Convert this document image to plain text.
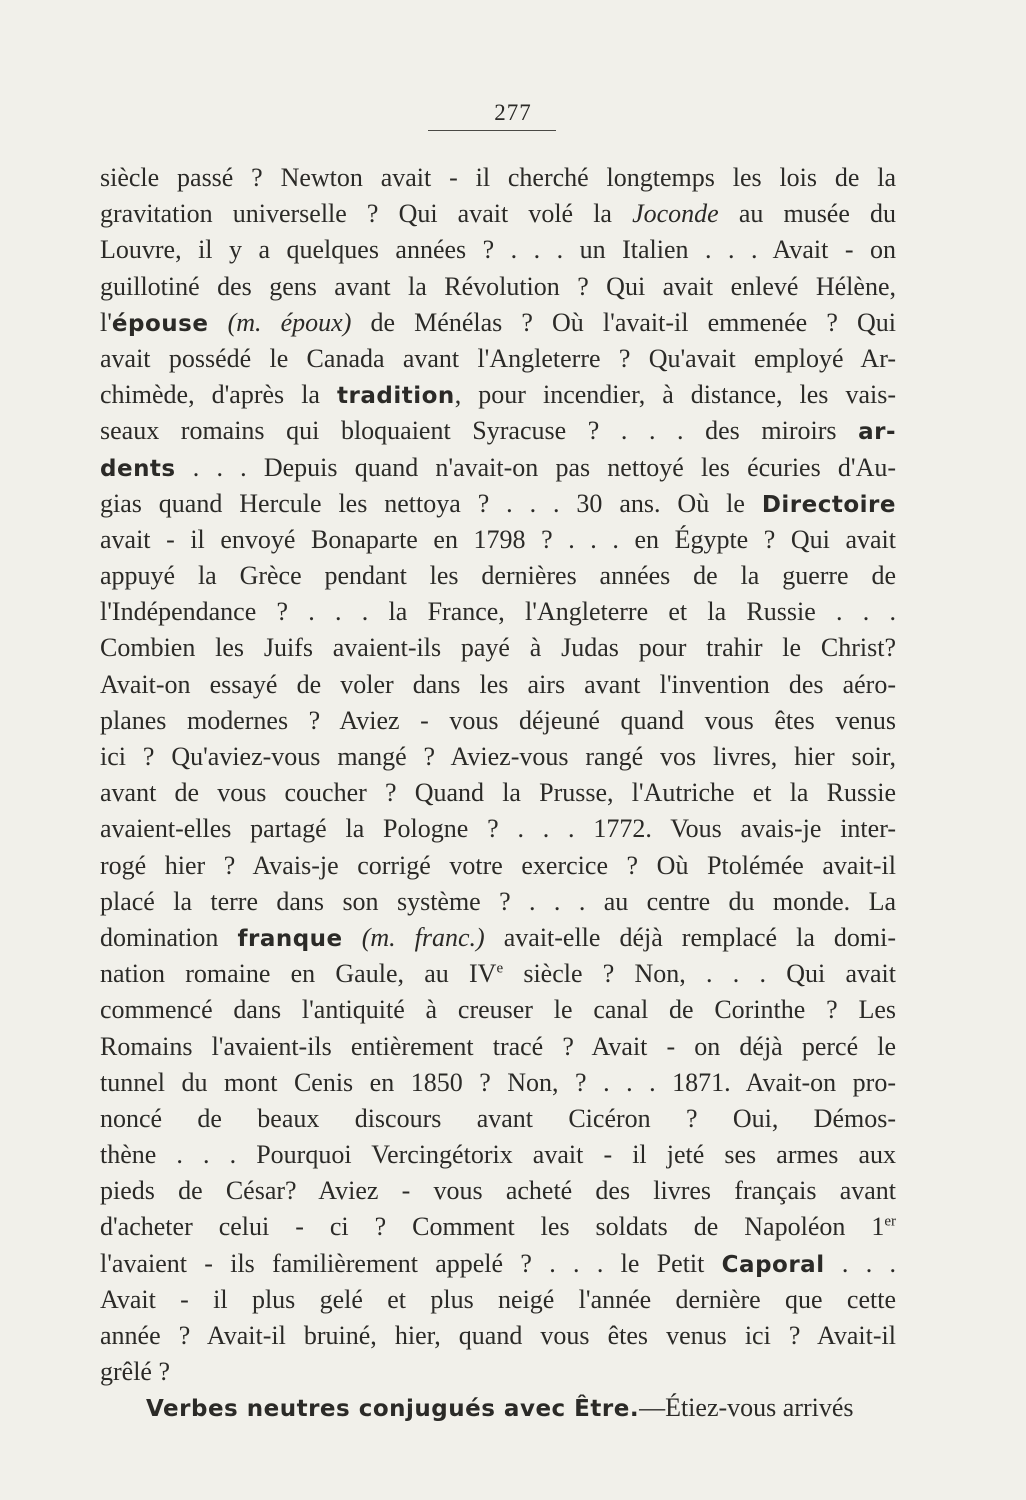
277
siècle passé ? Newton avait - il cherché longtemps les lois de la
gravitation universelle ? Qui avait volé la Joconde au musée du
Louvre, il y a quelques années ? . . . un Italien . . . Avait - on
guillotiné des gens avant la Révolution ? Qui avait enlevé Hélène,
l'épouse (m. époux) de Ménélas ? Où l'avait-il emmenée ? Qui
avait possédé le Canada avant l'Angleterre ? Qu'avait employé Ar-
chimède, d'après la tradition, pour incendier, à distance, les vais-
seaux romains qui bloquaient Syracuse ? . . . des miroirs ar-
dents . . . Depuis quand n'avait-on pas nettoyé les écuries d'Au-
gias quand Hercule les nettoya ? . . . 30 ans. Où le Directoire
avait - il envoyé Bonaparte en 1798 ? . . . en Égypte ? Qui avait
appuyé la Grèce pendant les dernières années de la guerre de
l'Indépendance ? . . . la France, l'Angleterre et la Russie . . .
Combien les Juifs avaient-ils payé à Judas pour trahir le Christ?
Avait-on essayé de voler dans les airs avant l'invention des aéro-
planes modernes ? Aviez - vous déjeuné quand vous êtes venus
ici ? Qu'aviez-vous mangé ? Aviez-vous rangé vos livres, hier soir,
avant de vous coucher ? Quand la Prusse, l'Autriche et la Russie
avaient-elles partagé la Pologne ? . . . 1772. Vous avais-je inter-
rogé hier ? Avais-je corrigé votre exercice ? Où Ptolémée avait-il
placé la terre dans son système ? . . . au centre du monde. La
domination franque (m. franc.) avait-elle déjà remplacé la domi-
nation romaine en Gaule, au IVe siècle ? Non, . . . Qui avait
commencé dans l'antiquité à creuser le canal de Corinthe ? Les
Romains l'avaient-ils entièrement tracé ? Avait - on déjà percé le
tunnel du mont Cenis en 1850 ? Non, ? . . . 1871. Avait-on pro-
noncé de beaux discours avant Cicéron ? Oui, Démos-
thène . . . Pourquoi Vercingétorix avait - il jeté ses armes aux
pieds de César? Aviez - vous acheté des livres français avant
d'acheter celui - ci ? Comment les soldats de Napoléon 1er
l'avaient - ils familièrement appelé ? . . . le Petit Caporal . . .
Avait - il plus gelé et plus neigé l'année dernière que cette
année ? Avait-il bruiné, hier, quand vous êtes venus ici ? Avait-il
grêlé ?
Verbes neutres conjugués avec Être.—Étiez-vous arrivés
